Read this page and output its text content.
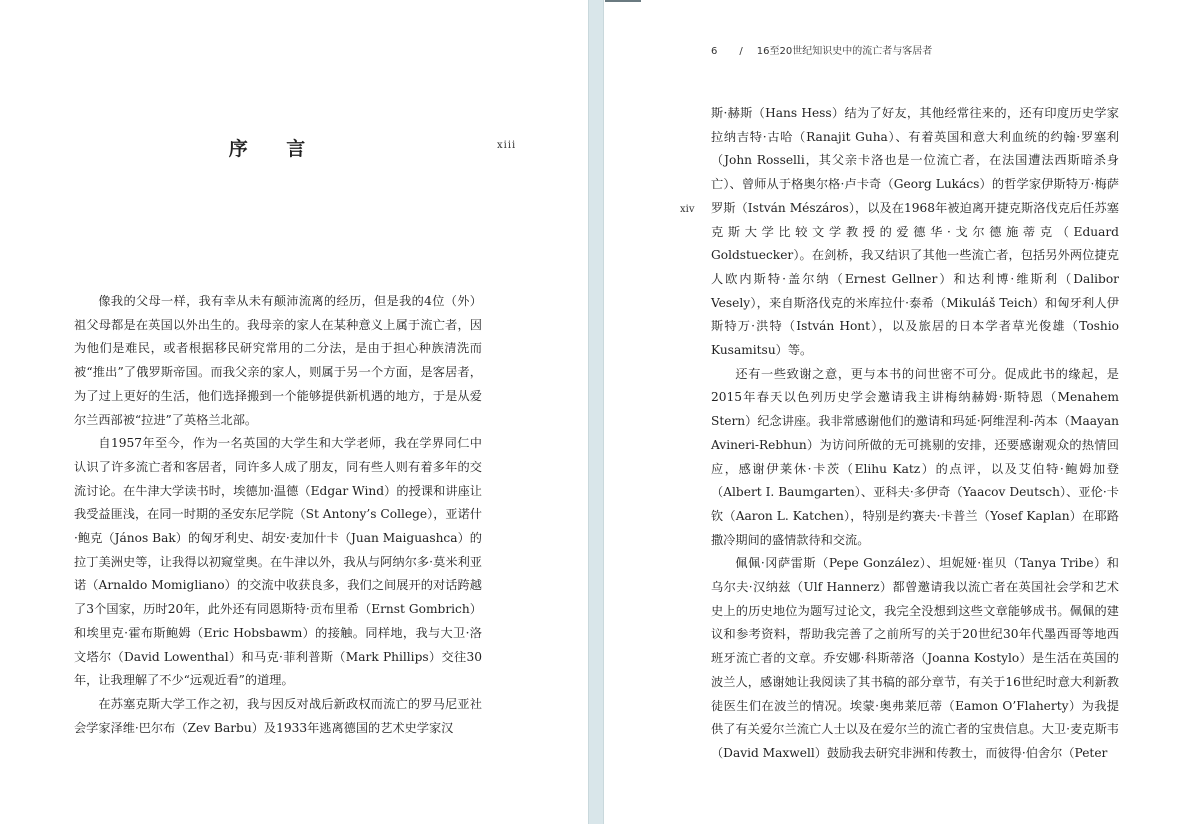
序 言	xiii

像我的父母一样，我有幸从未有颠沛流离的经历，但是我的4位（外）祖父母都是在英国以外出生的。我母亲的家人在某种意义上属于流亡者，因为他们是难民，或者根据移民研究常用的二分法，是由于担心种族清洗而被“推出”了俄罗斯帝国。而我父亲的家人，则属于另一个方面，是客居者，为了过上更好的生活，他们选择搬到一个能够提供新机遇的地方，于是从爱尔兰西部被“拉进”了英格兰北部。

自1957年至今，作为一名英国的大学生和大学老师，我在学界同仁中认识了许多流亡者和客居者，同许多人成了朋友，同有些人则有着多年的交流讨论。在牛津大学读书时，埃德加·温德（Edgar Wind）的授课和讲座让我受益匪浅，在同一时期的圣安东尼学院（St Antony’s College），亚诺什·鲍克（János Bak）的匈牙利史、胡安·麦加什卡（Juan Maiguashca）的拉丁美洲史等，让我得以初窥堂奥。在牛津以外，我从与阿纳尔多·莫米利亚诺（Arnaldo Momigliano）的交流中收获良多，我们之间展开的对话跨越了3个国家，历时20年，此外还有同恩斯特·贡布里希（Ernst Gombrich）和埃里克·霍布斯鲍姆（Eric Hobsbawm）的接触。同样地，我与大卫·洛文塔尔（David Lowenthal）和马克·菲利普斯（Mark Phillips）交往30年，让我理解了不少“远观近看”的道理。

在苏塞克斯大学工作之初，我与因反对战后新政权而流亡的罗马尼亚社会学家泽维·巴尔布（Zev Barbu）及1933年逃离德国的艺术史学家汉

6 / 16至20世纪知识史中的流亡者与客居者
xiv

斯·赫斯（Hans Hess）结为了好友，其他经常往来的，还有印度历史学家拉纳吉特·古哈（Ranajit Guha）、有着英国和意大利血统的约翰·罗塞利（John Rosselli，其父亲卡洛也是一位流亡者，在法国遭法西斯暗杀身亡）、曾师从于格奥尔格·卢卡奇（Georg Lukács）的哲学家伊斯特万·梅萨罗斯（István Mészáros），以及在1968年被迫离开捷克斯洛伐克后任苏塞克斯大学比较文学教授的爱德华·戈尔德施蒂克（Eduard Goldstuecker）。在剑桥，我又结识了其他一些流亡者，包括另外两位捷克人欧内斯特·盖尔纳（Ernest Gellner）和达利博·维斯利（Dalibor Vesely），来自斯洛伐克的米库拉什·泰希（Mikuláš Teich）和匈牙利人伊斯特万·洪特（István Hont），以及旅居的日本学者草光俊雄（Toshio Kusamitsu）等。

还有一些致谢之意，更与本书的问世密不可分。促成此书的缘起，是2015年春天以色列历史学会邀请我主讲梅纳赫姆·斯特恩（Menahem Stern）纪念讲座。我非常感谢他们的邀请和玛延·阿维涅利-芮本（Maayan Avineri-Rebhun）为访问所做的无可挑剔的安排，还要感谢观众的热情回应，感谢伊莱休·卡茨（Elihu Katz）的点评，以及艾伯特·鲍姆加登（Albert I. Baumgarten）、亚科夫·多伊奇（Yaacov Deutsch）、亚伦·卡钦（Aaron L. Katchen），特别是约赛夫·卡普兰（Yosef Kaplan）在耶路撒冷期间的盛情款待和交流。

佩佩·冈萨雷斯（Pepe González）、坦妮娅·崔贝（Tanya Tribe）和乌尔夫·汉纳兹（Ulf Hannerz）都曾邀请我以流亡者在英国社会学和艺术史上的历史地位为题写过论文，我完全没想到这些文章能够成书。佩佩的建议和参考资料，帮助我完善了之前所写的关于20世纪30年代墨西哥等地西班牙流亡者的文章。乔安娜·科斯蒂洛（Joanna Kostylo）是生活在英国的波兰人，感谢她让我阅读了其书稿的部分章节，有关于16世纪时意大利新教徒医生们在波兰的情况。埃蒙·奥弗莱厄蒂（Eamon O’Flaherty）为我提供了有关爱尔兰流亡人士以及在爱尔兰的流亡者的宝贵信息。大卫·麦克斯韦（David Maxwell）鼓励我去研究非洲和传教士，而彼得·伯舍尔（Peter
